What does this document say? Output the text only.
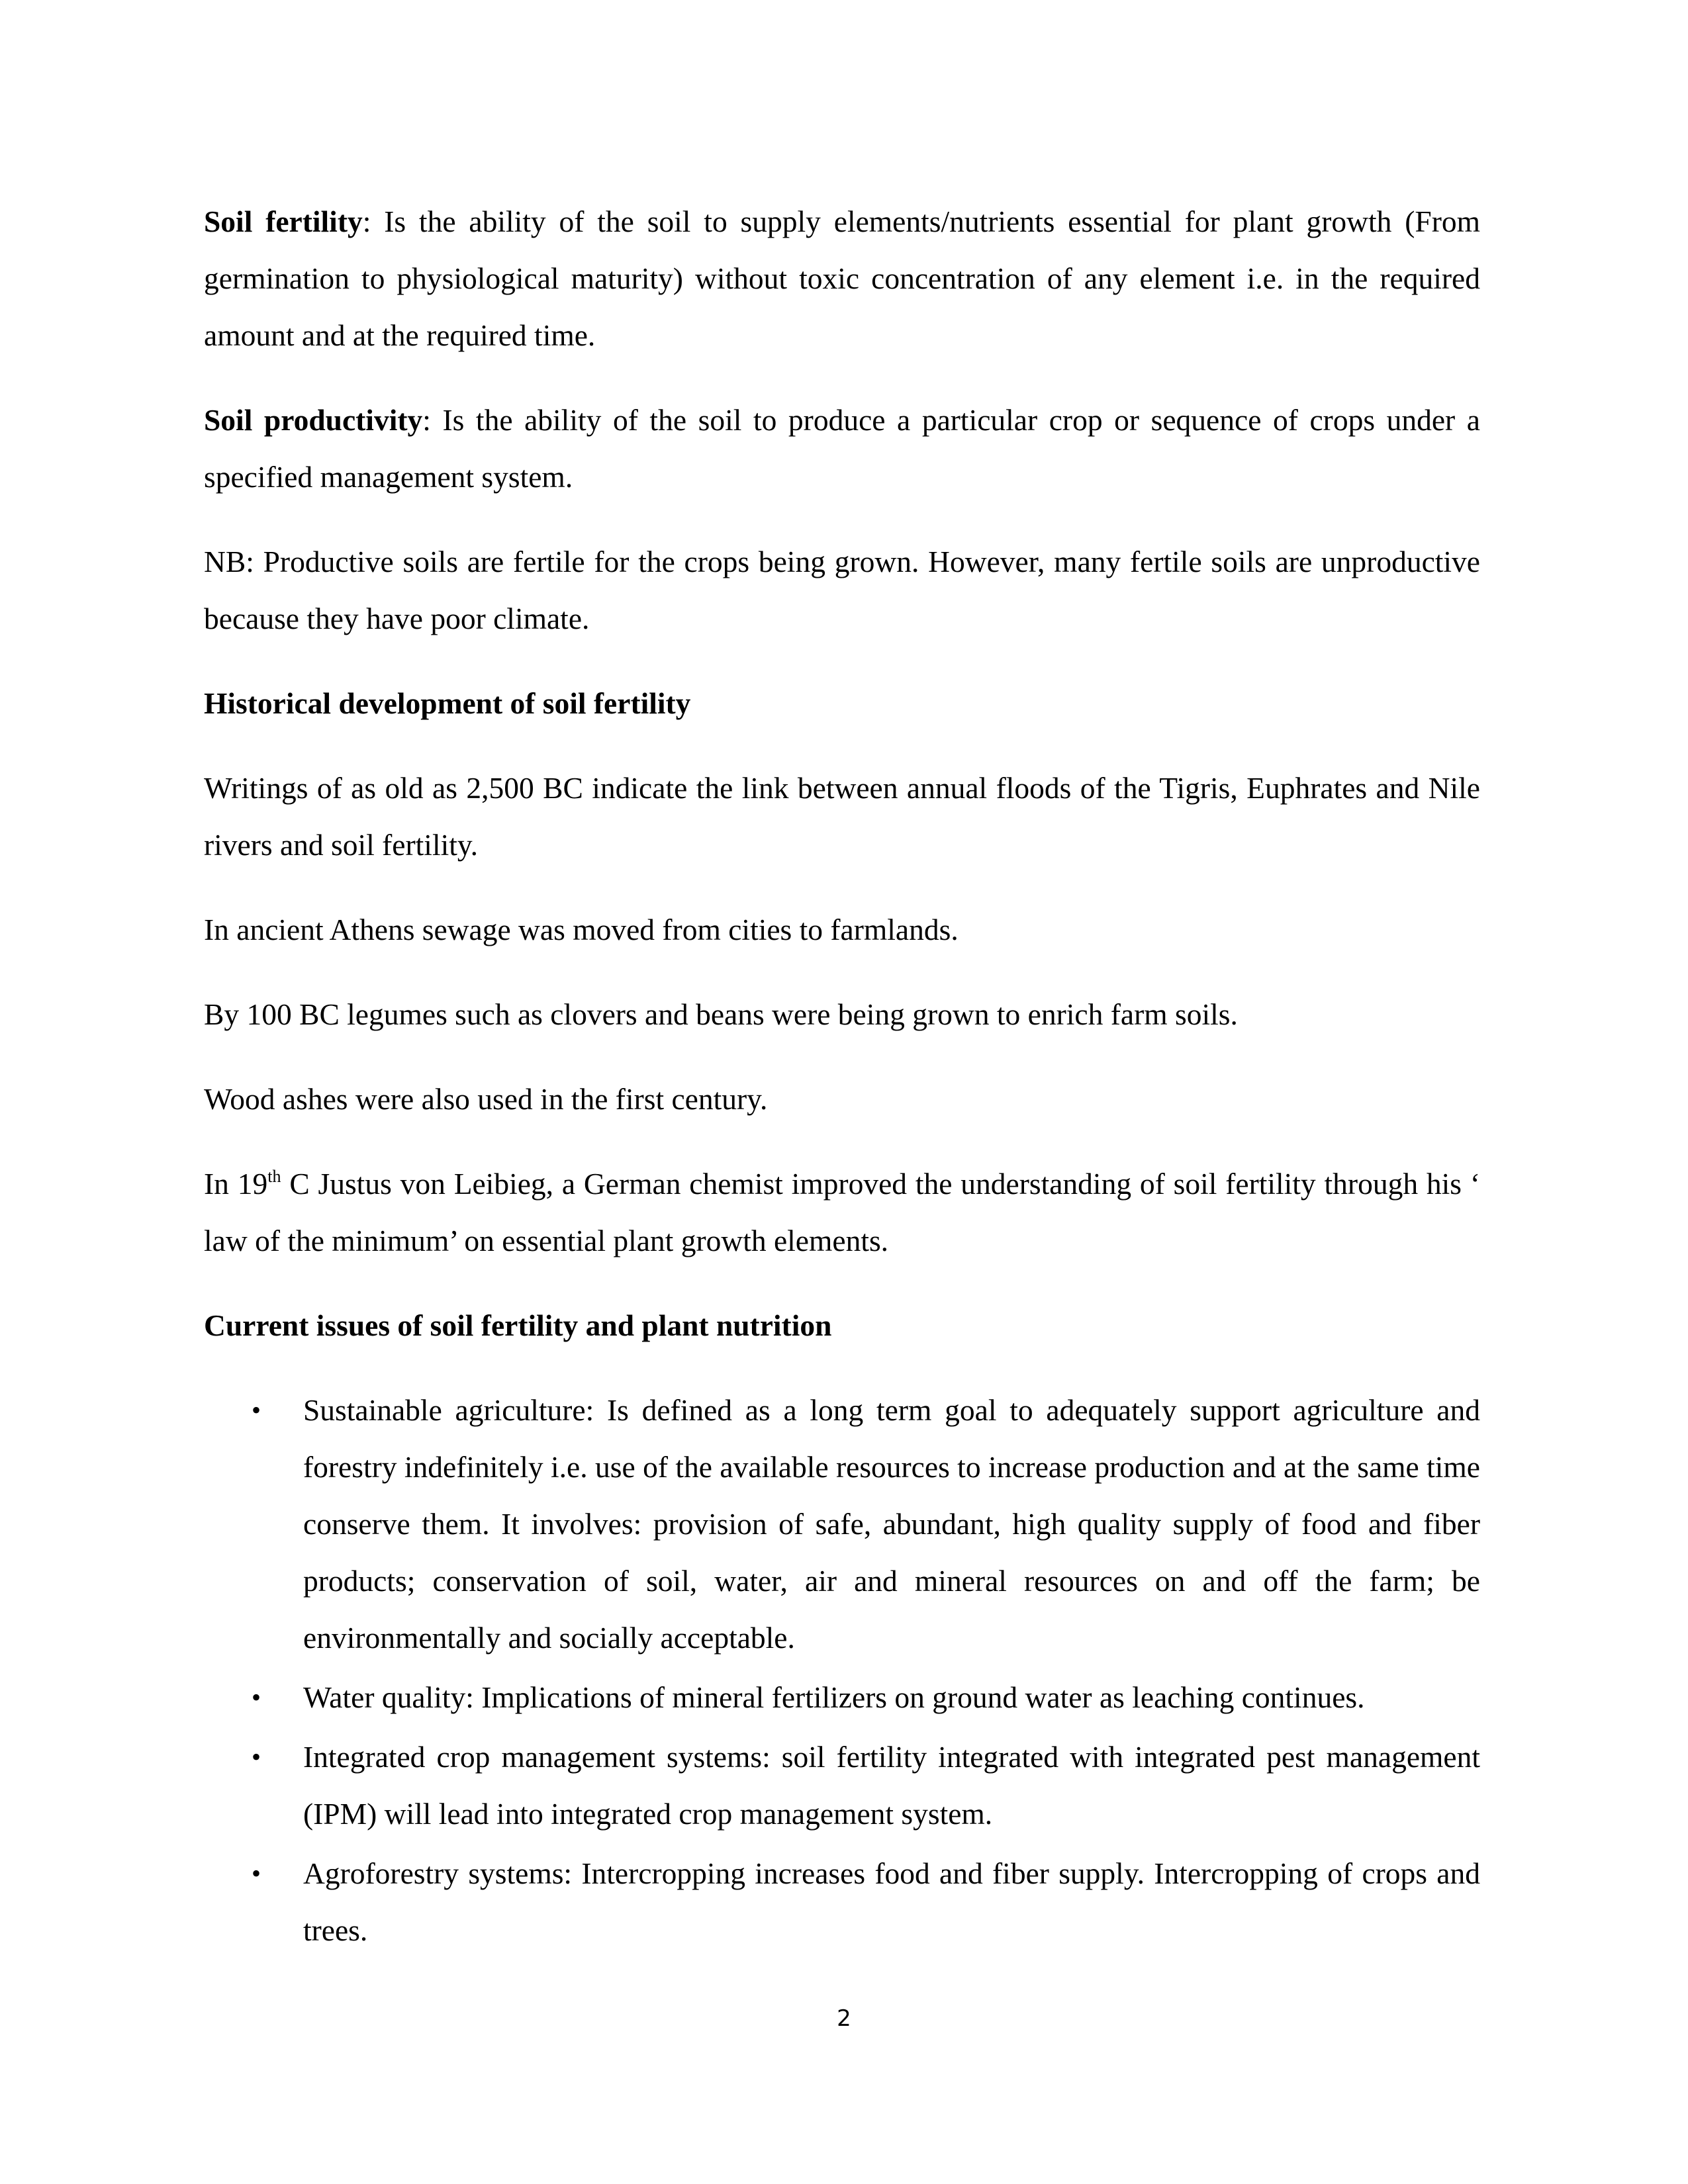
Soil fertility: Is the ability of the soil to supply elements/nutrients essential for plant growth (From germination to physiological maturity) without toxic concentration of any element i.e. in the required amount and at the required time.

Soil productivity: Is the ability of the soil to produce a particular crop or sequence of crops under a specified management system.

NB: Productive soils are fertile for the crops being grown. However, many fertile soils are unproductive because they have poor climate.

Historical development of soil fertility

Writings of as old as 2,500 BC indicate the link between annual floods of the Tigris, Euphrates and Nile rivers and soil fertility.

In ancient Athens sewage was moved from cities to farmlands.

By 100 BC legumes such as clovers and beans were being grown to enrich farm soils.

Wood ashes were also used in the first century.

In 19th C Justus von Leibieg, a German chemist improved the understanding of soil fertility through his ‘ law of the minimum’ on essential plant growth elements.

Current issues of soil fertility and plant nutrition

• Sustainable agriculture: Is defined as a long term goal to adequately support agriculture and forestry indefinitely i.e. use of the available resources to increase production and at the same time conserve them. It involves: provision of safe, abundant, high quality supply of food and fiber products; conservation of soil, water, air and mineral resources on and off the farm; be environmentally and socially acceptable.
• Water quality: Implications of mineral fertilizers on ground water as leaching continues.
• Integrated crop management systems: soil fertility integrated with integrated pest management (IPM) will lead into integrated crop management system.
• Agroforestry systems: Intercropping increases food and fiber supply. Intercropping of crops and trees.
2
